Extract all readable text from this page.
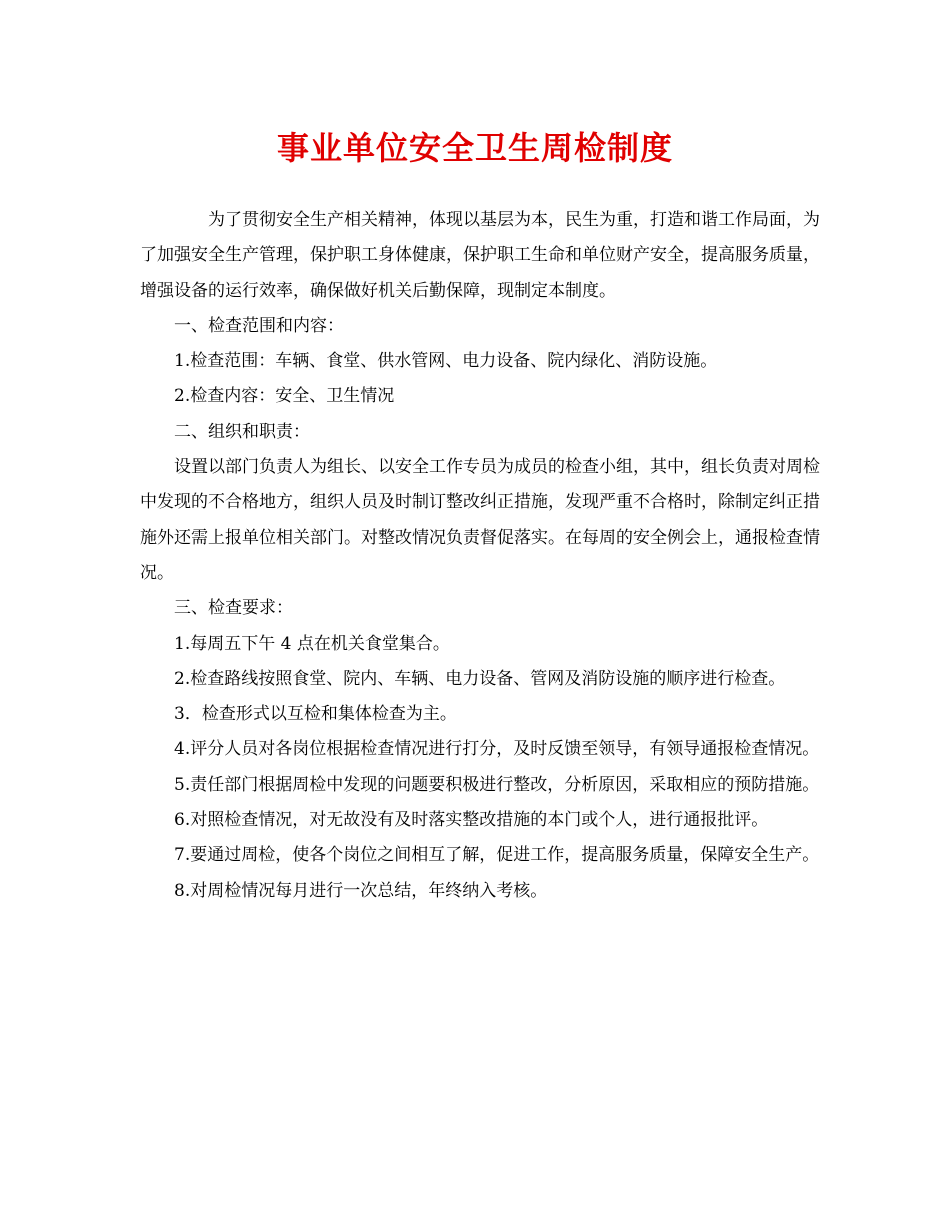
事业单位安全卫生周检制度

为了贯彻安全生产相关精神，体现以基层为本，民生为重，打造和谐工作局面，为了加强安全生产管理，保护职工身体健康，保护职工生命和单位财产安全，提高服务质量，增强设备的运行效率，确保做好机关后勤保障，现制定本制度。

一、检查范围和内容：

1.检查范围：车辆、食堂、供水管网、电力设备、院内绿化、消防设施。

2.检查内容：安全、卫生情况

二、组织和职责：

设置以部门负责人为组长、以安全工作专员为成员的检查小组，其中，组长负责对周检中发现的不合格地方，组织人员及时制订整改纠正措施，发现严重不合格时，除制定纠正措施外还需上报单位相关部门。对整改情况负责督促落实。在每周的安全例会上，通报检查情况。

三、检查要求：

1.每周五下午 4 点在机关食堂集合。

2.检查路线按照食堂、院内、车辆、电力设备、管网及消防设施的顺序进行检查。

3．检查形式以互检和集体检查为主。

4.评分人员对各岗位根据检查情况进行打分，及时反馈至领导，有领导通报检查情况。

5.责任部门根据周检中发现的问题要积极进行整改，分析原因，采取相应的预防措施。

6.对照检查情况，对无故没有及时落实整改措施的本门或个人，进行通报批评。

7.要通过周检，使各个岗位之间相互了解，促进工作，提高服务质量，保障安全生产。

8.对周检情况每月进行一次总结，年终纳入考核。
